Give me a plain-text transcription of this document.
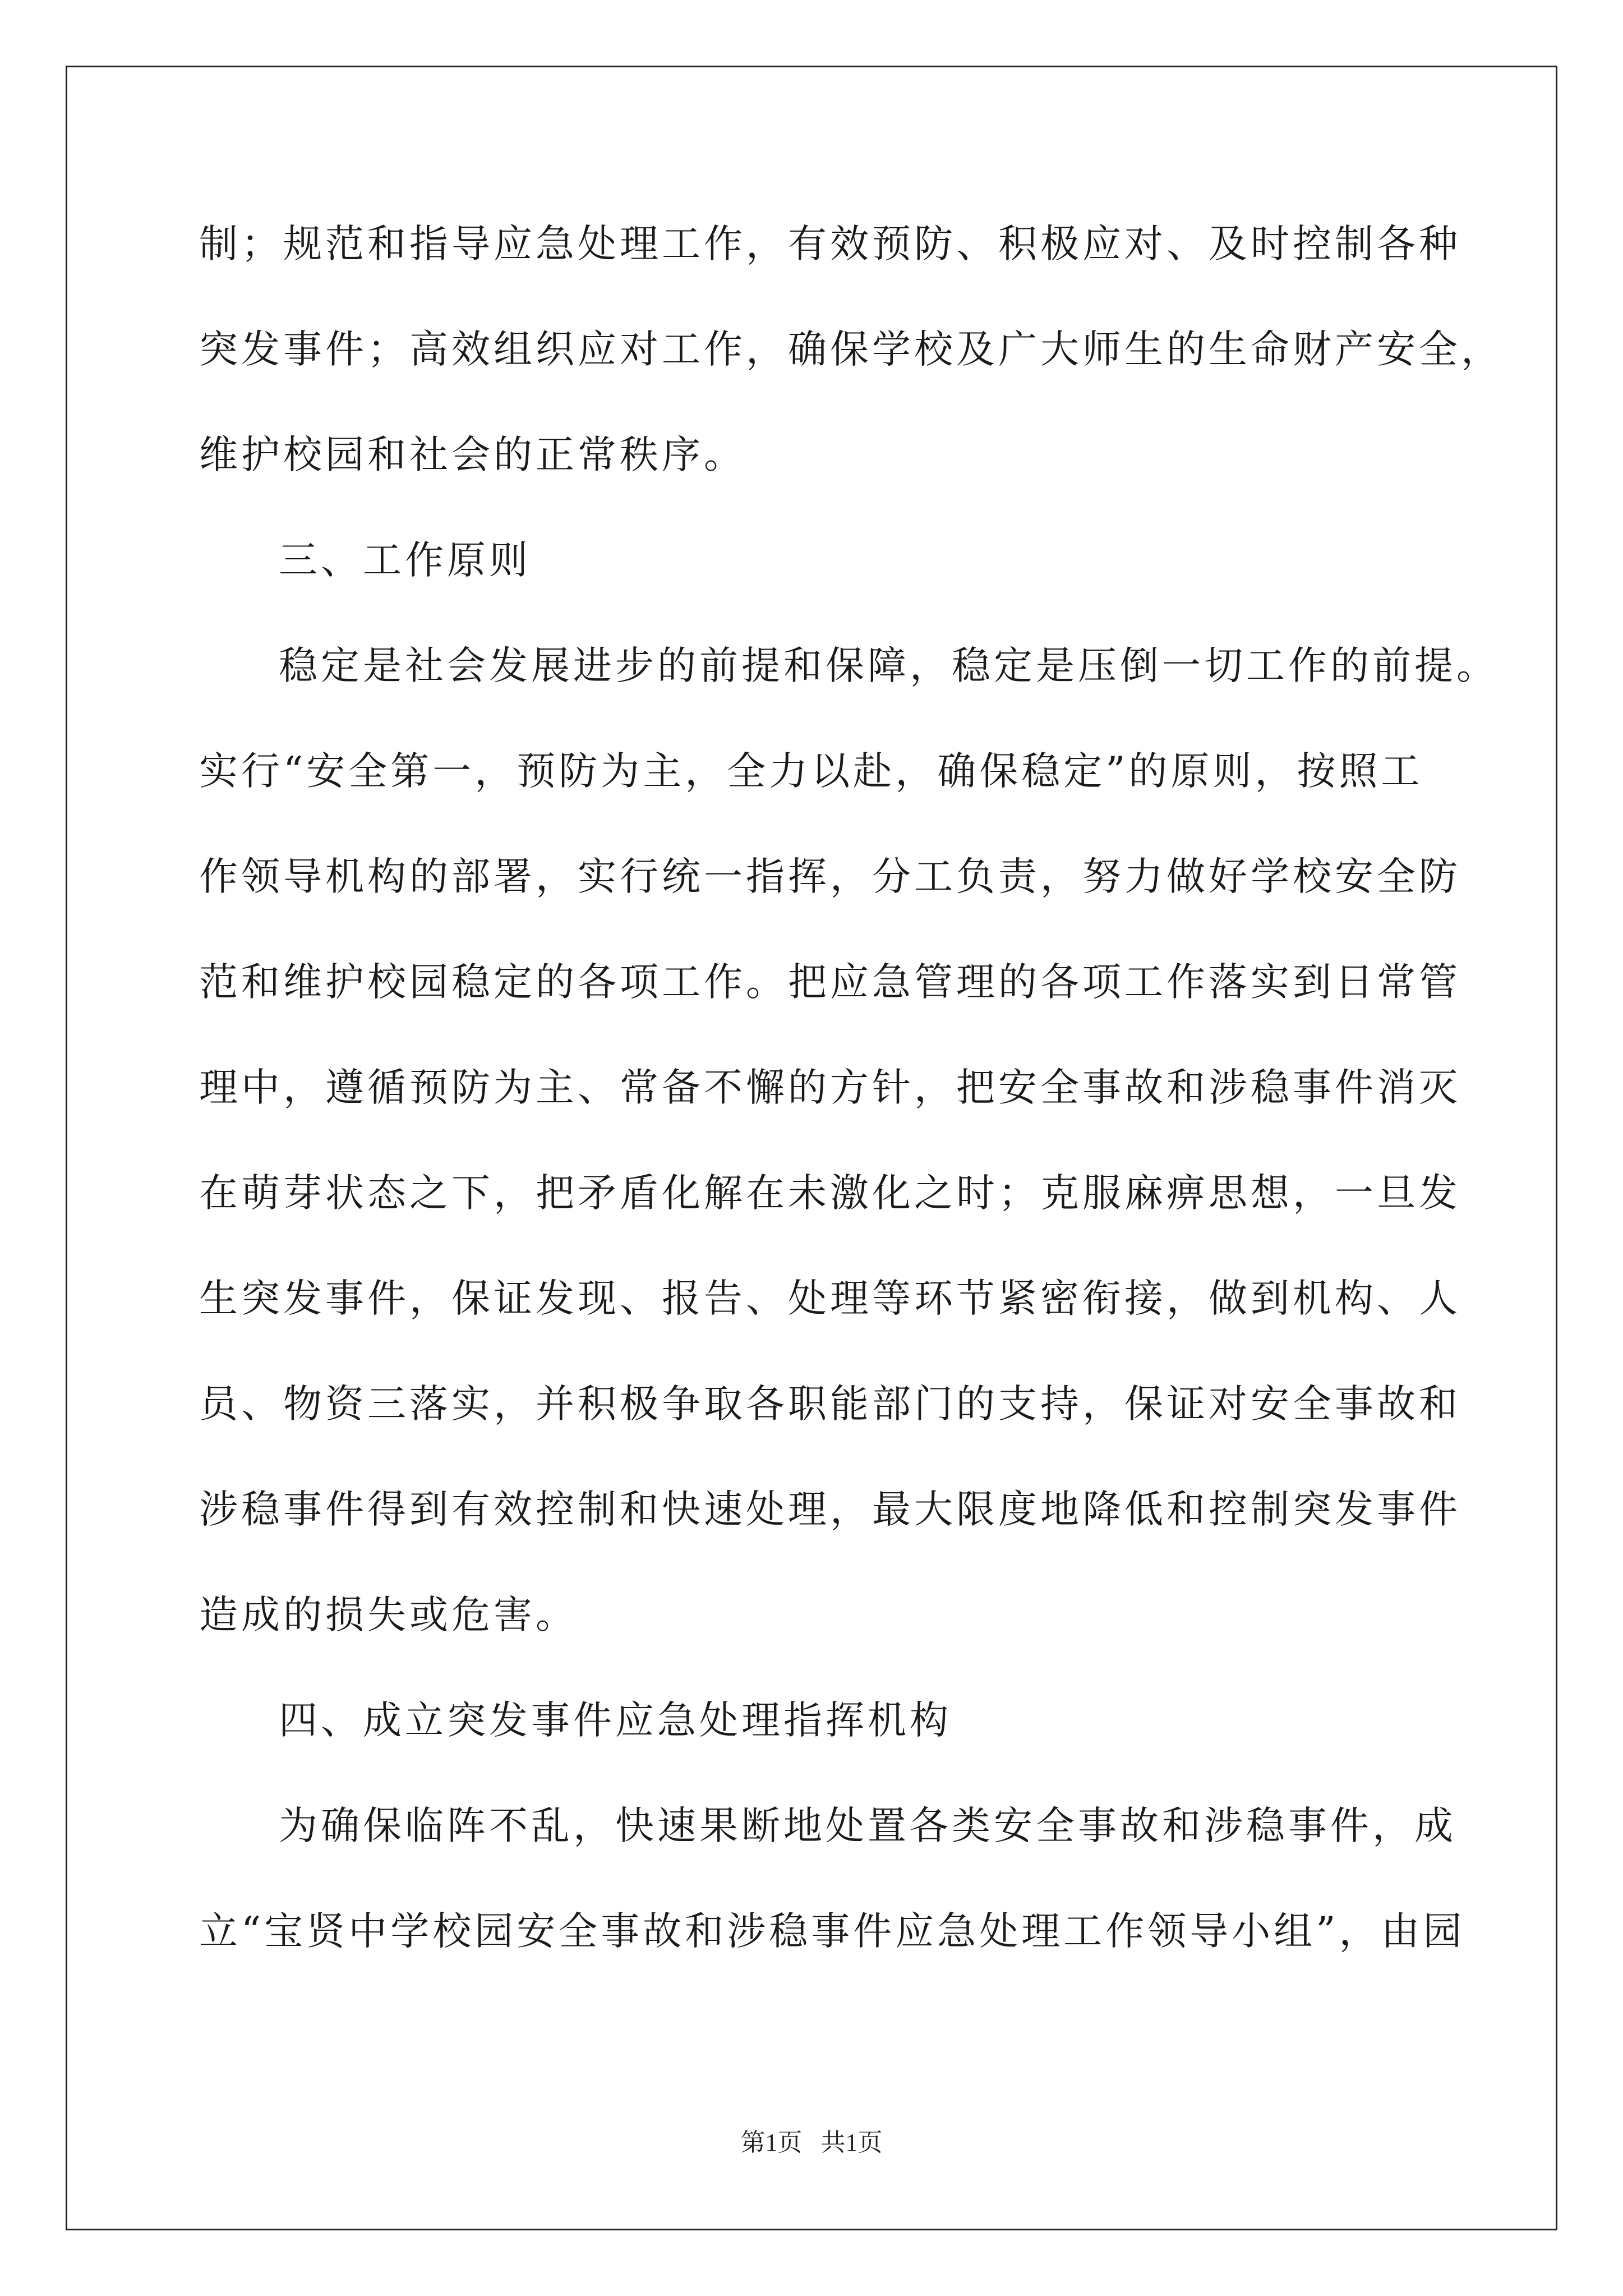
制；规范和指导应急处理工作，有效预防、积极应对、及时控制各种
突发事件；高效组织应对工作，确保学校及广大师生的生命财产安全，
维护校园和社会的正常秩序。
三、工作原则
稳定是社会发展进步的前提和保障，稳定是压倒一切工作的前提。
实行“安全第一，预防为主，全力以赴，确保稳定”的原则，按照工
作领导机构的部署，实行统一指挥，分工负责，努力做好学校安全防
范和维护校园稳定的各项工作。把应急管理的各项工作落实到日常管
理中，遵循预防为主、常备不懈的方针，把安全事故和涉稳事件消灭
在萌芽状态之下，把矛盾化解在未激化之时；克服麻痹思想，一旦发
生突发事件，保证发现、报告、处理等环节紧密衔接，做到机构、人
员、物资三落实，并积极争取各职能部门的支持，保证对安全事故和
涉稳事件得到有效控制和快速处理，最大限度地降低和控制突发事件
造成的损失或危害。
四、成立突发事件应急处理指挥机构
为确保临阵不乱，快速果断地处置各类安全事故和涉稳事件，成
立“宝贤中学校园安全事故和涉稳事件应急处理工作领导小组”，由园
第1页   共1页
